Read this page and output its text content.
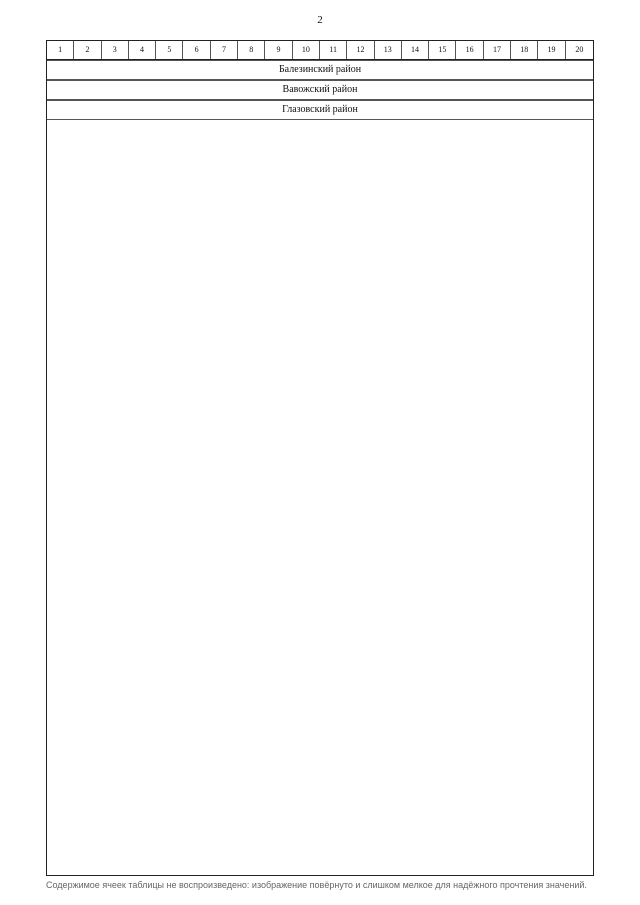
2
1	2	3	4	5	6	7	8	9	10	11	12	13	14	15	16	17	18	19	20
Балезинский район
Вавожский район
Глазовский район
Содержимое ячеек таблицы не воспроизведено: изображение повёрнуто и слишком мелкое для надёжного прочтения значений.
